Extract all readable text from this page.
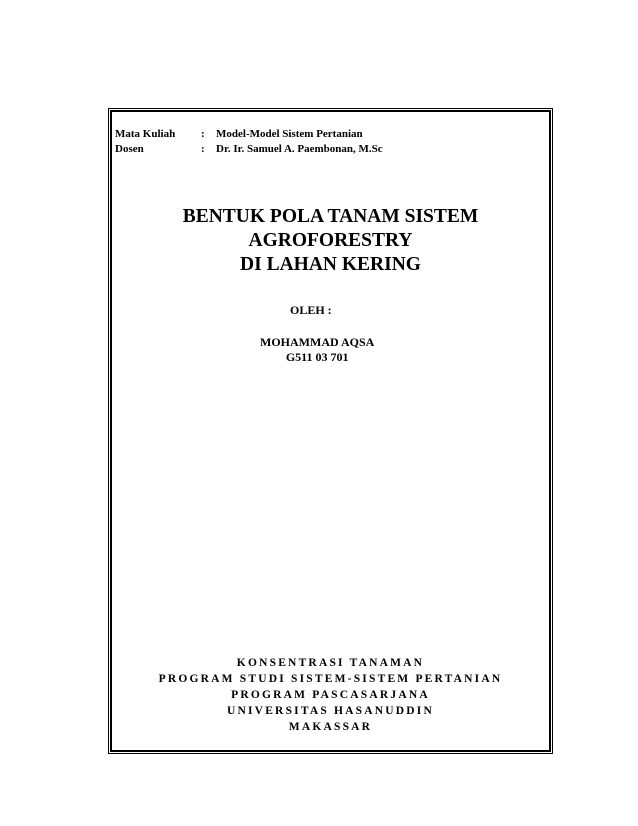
Mata Kuliah	:	Model-Model Sistem Pertanian
Dosen	:	Dr. Ir. Samuel A. Paembonan, M.Sc
BENTUK POLA TANAM SISTEM AGROFORESTRY
DI LAHAN KERING
OLEH :
MOHAMMAD AQSA
G511 03 701
KONSENTRASI TANAMAN
PROGRAM STUDI SISTEM-SISTEM PERTANIAN
PROGRAM PASCASARJANA
UNIVERSITAS HASANUDDIN
MAKASSAR
